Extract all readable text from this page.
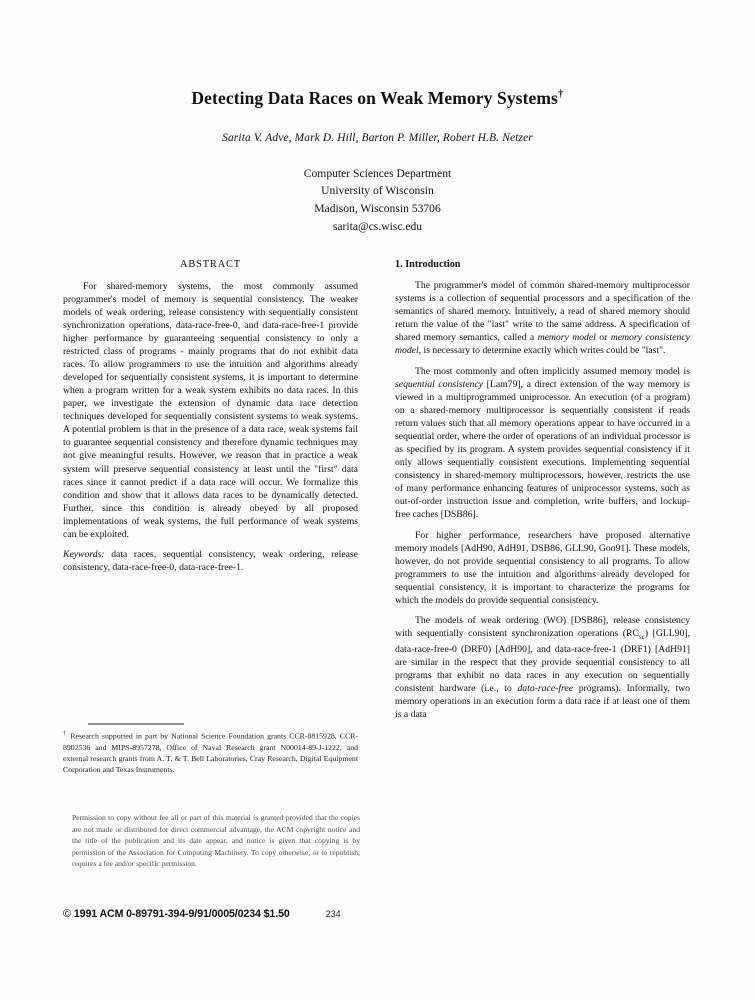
Detecting Data Races on Weak Memory Systems†
Sarita V. Adve, Mark D. Hill, Barton P. Miller, Robert H.B. Netzer
Computer Sciences Department
University of Wisconsin
Madison, Wisconsin 53706
sarita@cs.wisc.edu
ABSTRACT

For shared-memory systems, the most commonly assumed programmer's model of memory is sequential consistency. The weaker models of weak ordering, release consistency with sequentially consistent synchronization operations, data-race-free-0, and data-race-free-1 provide higher performance by guaranteeing sequential consistency to only a restricted class of programs - mainly programs that do not exhibit data races. To allow programmers to use the intuition and algorithms already developed for sequentially consistent systems, it is important to determine when a program written for a weak system exhibits no data races. In this paper, we investigate the extension of dynamic data race detection techniques developed for sequentially consistent systems to weak systems. A potential problem is that in the presence of a data race, weak systems fail to guarantee sequential consistency and therefore dynamic techniques may not give meaningful results. However, we reason that in practice a weak system will preserve sequential consistency at least until the "first" data races since it cannot predict if a data race will occur. We formalize this condition and show that it allows data races to be dynamically detected. Further, since this condition is already obeyed by all proposed implementations of weak systems, the full performance of weak systems can be exploited.

Keywords: data races, sequential consistency, weak ordering, release consistency, data-race-free-0, data-race-free-1.

1. Introduction

The programmer's model of common shared-memory multiprocessor systems is a collection of sequential processors and a specification of the semantics of shared memory. Intuitively, a read of shared memory should return the value of the "last" write to the same address. A specification of shared memory semantics, called a memory model or memory consistency model, is necessary to determine exactly which writes could be "last".

The most commonly and often implicitly assumed memory model is sequential consistency [Lam79], a direct extension of the way memory is viewed in a multiprogrammed uniprocessor. An execution (of a program) on a shared-memory multiprocessor is sequentially consistent if reads return values such that all memory operations appear to have occurred in a sequential order, where the order of operations of an individual processor is as specified by its program. A system provides sequential consistency if it only allows sequentially consistent executions. Implementing sequential consistency in shared-memory multiprocessors, however, restricts the use of many performance enhancing features of uniprocessor systems, such as out-of-order instruction issue and completion, write buffers, and lockup-free caches [DSB86].

For higher performance, researchers have proposed alternative memory models [AdH90, AdH91, DSB86, GLL90, Goo91]. These models, however, do not provide sequential consistency to all programs. To allow programmers to use the intuition and algorithms already developed for sequential consistency, it is important to characterize the programs for which the models do provide sequential consistency.

The models of weak ordering (WO) [DSB86], release consistency with sequentially consistent synchronization operations $(RC_{sc})$ [GLL90], data-race-free-0 (DRF0) [AdH90], and data-race-free-1 (DRF1) [AdH91] are similar in the respect that they provide sequential consistency to all programs that exhibit no data races in any execution on sequentially consistent hardware (i.e., to data-race-free programs). Informally, two memory operations in an execution form a data race if at least one of them is a data

† Research supported in part by National Science Foundation grants CCR-8815928, CCR-8902536 and MIPS-8957278, Office of Naval Research grant N00014-89-J-1222, and external research grants from A. T. & T. Bell Laboratories, Cray Research, Digital Equipment Corporation and Texas Instruments.
Permission to copy without fee all or part of this material is granted provided that the copies are not made or distributed for direct commercial advantage, the ACM copyright notice and the title of the publication and its date appear, and notice is given that copying is by permission of the Association for Computing Machinery. To copy otherwise, or to republish, requires a fee and/or specific permission.
© 1991 ACM 0-89791-394-9/91/0005/0234 $1.50	234
